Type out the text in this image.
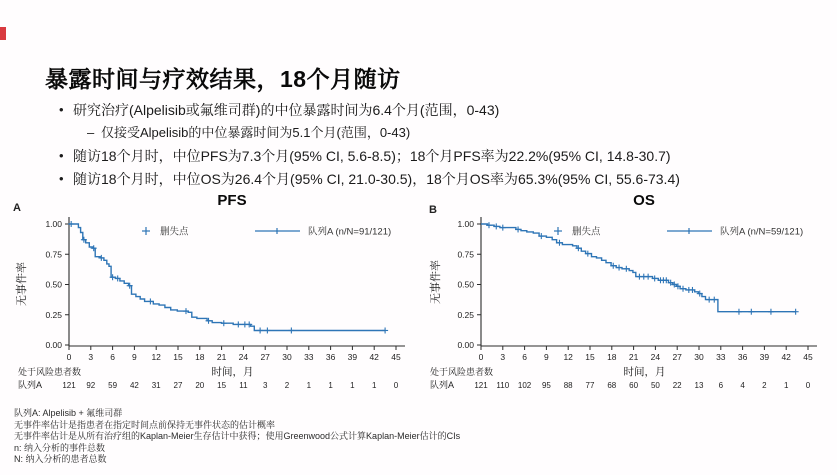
暴露时间与疗效结果，18个月随访
• 研究治疗(Alpelisib或氟维司群)的中位暴露时间为6.4个月(范围，0-43)
– 仅接受Alpelisib的中位暴露时间为5.1个月(范围，0-43)
• 随访18个月时，中位PFS为7.3个月(95% CI, 5.6-8.5)；18个月PFS率为22.2%(95% CI, 14.8-30.7)
• 随访18个月时，中位OS为26.4个月(95% CI, 21.0-30.5)，18个月OS率为65.3%(95% CI, 55.6-73.4)
A	PFS
无事件率
1.00
0.75
0.50
0.25
0.00
0 3 6 9 12 15 18 21 24 27 30 33 36 39 42 45
时间，月
处于风险患者数
队列A	121 92 59 42 31 27 20 15 11 3 2 1 1 1 1 0
删失点	队列A (n/N=91/121)
B
OS
无事件率
1.00
0.75
0.50
0.25
0.00
0 3 6 9 12 15 18 21 24 27 30 33 36 39 42 45
时间，月
处于风险患者数
队列A	121 110 102 95 88 77 68 60 50 22 13 6 4 2 1 0
删失点	队列A (n/N=59/121)
队列A: Alpelisib + 氟维司群
无事件率估计是指患者在指定时间点前保持无事件状态的估计概率
无事件率估计是从所有治疗组的Kaplan-Meier生存估计中获得；使用Greenwood公式计算Kaplan-Meier估计的CIs
n: 纳入分析的事件总数
N: 纳入分析的患者总数
